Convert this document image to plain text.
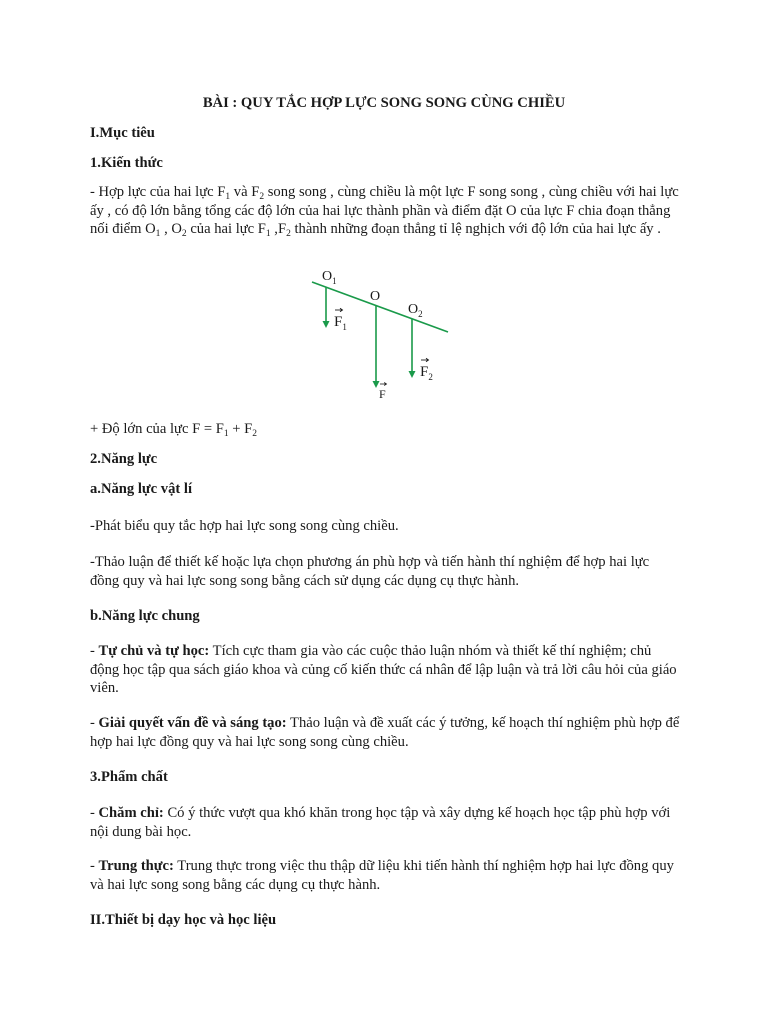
BÀI : QUY TẮC HỢP LỰC SONG SONG CÙNG CHIỀU

I.Mục tiêu

1.Kiến thức

- Hợp lực của hai lực $F_1$ và $F_2$ song song , cùng chiều là một lực F song song , cùng chiều với hai lực ấy , có độ lớn bằng tổng các độ lớn của hai lực thành phần và điểm đặt O của lực F chia đoạn thẳng nối điểm $O_1$ , $O_2$ của hai lực $F_1$ $,F_2$ thành những đoạn thẳng tỉ lệ nghịch với độ lớn của hai lực ấy .

$O_1$
O
$O_2$
$F_1$
$F_2$
F

+ Độ lớn của lực $F = F_1 + F_2$

2.Năng lực

a.Năng lực vật lí

-Phát biểu quy tắc hợp hai lực song song cùng chiều.

-Thảo luận để thiết kế hoặc lựa chọn phương án phù hợp và tiến hành thí nghiệm để hợp hai lực đồng quy và hai lực song song bằng cách sử dụng các dụng cụ thực hành.

b.Năng lực chung

- Tự chủ và tự học: Tích cực tham gia vào các cuộc thảo luận nhóm và thiết kế thí nghiệm; chủ động học tập qua sách giáo khoa và củng cố kiến thức cá nhân để lập luận và trả lời câu hỏi của giáo viên.

- Giải quyết vấn đề và sáng tạo: Thảo luận và đề xuất các ý tưởng, kế hoạch thí nghiệm phù hợp để hợp hai lực đồng quy và hai lực song song cùng chiều.

3.Phẩm chất

- Chăm chỉ: Có ý thức vượt qua khó khăn trong học tập và xây dựng kế hoạch học tập phù hợp với nội dung bài học.

- Trung thực: Trung thực trong việc thu thập dữ liệu khi tiến hành thí nghiệm hợp hai lực đồng quy và hai lực song song bằng các dụng cụ thực hành.

II.Thiết bị dạy học và học liệu
